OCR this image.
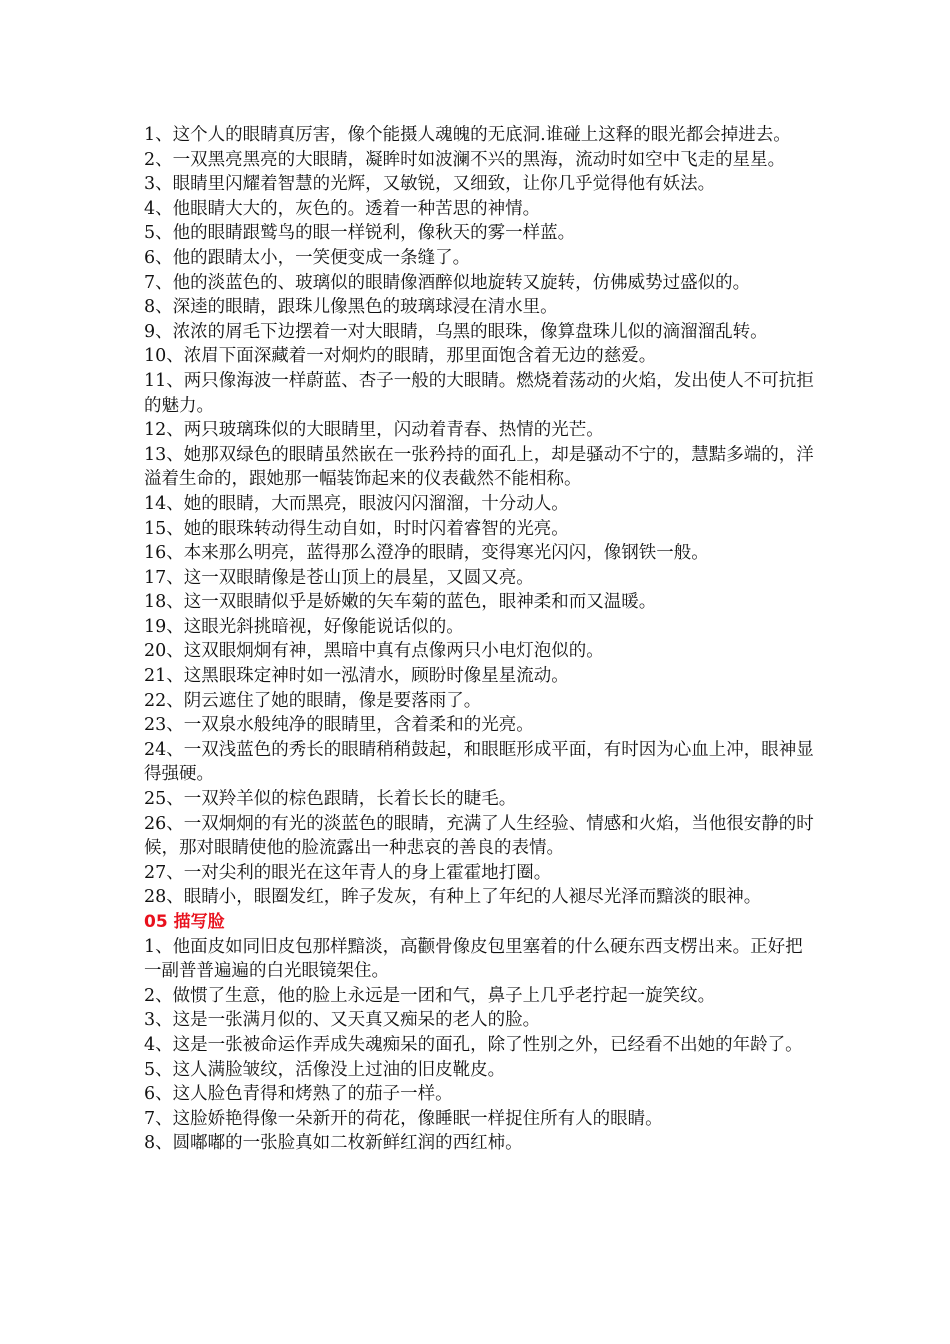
1、这个人的眼睛真厉害，像个能摄人魂魄的无底洞.谁碰上这释的眼光都会掉进去。

2、一双黑亮黑亮的大眼睛，凝眸时如波澜不兴的黑海，流动时如空中飞走的星星。

3、眼睛里闪耀着智慧的光辉，又敏锐，又细致，让你几乎觉得他有妖法。

4、他眼睛大大的，灰色的。透着一种苦思的神情。

5、他的眼睛跟鹫鸟的眼一样锐利，像秋天的雾一样蓝。

6、他的跟睛太小，一笑便变成一条缝了。

7、他的淡蓝色的、玻璃似的眼睛像酒醉似地旋转又旋转，仿佛威势过盛似的。

8、深逵的眼睛，跟珠儿像黑色的玻璃球浸在清水里。

9、浓浓的屑毛下边摆着一对大眼睛，乌黑的眼珠，像算盘珠儿似的滴溜溜乱转。

10、浓眉下面深藏着一对炯灼的眼睛，那里面饱含着无边的慈爱。

11、两只像海波一样蔚蓝、杏子一般的大眼睛。燃烧着荡动的火焰，发出使人不可抗拒的魅力。

12、两只玻璃珠似的大眼睛里，闪动着青春、热情的光芒。

13、她那双绿色的眼睛虽然嵌在一张矜持的面孔上，却是骚动不宁的，慧黠多端的，洋溢着生命的，跟她那一幅装饰起来的仪表截然不能相称。

14、她的眼睛，大而黑亮，眼波闪闪溜溜，十分动人。

15、她的眼珠转动得生动自如，时时闪着睿智的光亮。

16、本来那么明亮，蓝得那么澄净的眼睛，变得寒光闪闪，像钢铁一般。

17、这一双眼睛像是苍山顶上的晨星，又圆又亮。

18、这一双眼睛似乎是娇嫩的矢车菊的蓝色，眼神柔和而又温暖。

19、这眼光斜挑暗视，好像能说话似的。

20、这双眼炯炯有神，黑暗中真有点像两只小电灯泡似的。

21、这黑眼珠定神时如一泓清水，顾盼时像星星流动。

22、阴云遮住了她的眼睛，像是要落雨了。

23、一双泉水般纯净的眼睛里，含着柔和的光亮。

24、一双浅蓝色的秀长的眼睛稍稍鼓起，和眼眶形成平面，有时因为心血上冲，眼神显得强硬。

25、一双羚羊似的棕色跟睛，长着长长的睫毛。

26、一双炯炯的有光的淡蓝色的眼睛，充满了人生经验、情感和火焰，当他很安静的时候，那对眼睛使他的脸流露出一种悲哀的善良的表情。

27、一对尖利的眼光在这年青人的身上霍霍地打圈。

28、眼睛小，眼圈发红，眸子发灰，有种上了年纪的人褪尽光泽而黯淡的眼神。

05 描写脸

1、他面皮如同旧皮包那样黯淡，高颧骨像皮包里塞着的什么硬东西支楞出来。正好把一副普普遍遍的白光眼镜架住。

2、做惯了生意，他的脸上永远是一团和气，鼻子上几乎老拧起一旋笑纹。

3、这是一张满月似的、又天真又痴呆的老人的脸。

4、这是一张被命运作弄成失魂痴呆的面孔，除了性别之外，已经看不出她的年龄了。

5、这人满脸皱纹，活像没上过油的旧皮靴皮。

6、这人脸色青得和烤熟了的茄子一样。

7、这脸娇艳得像一朵新开的荷花，像睡眠一样捉住所有人的眼睛。

8、圆嘟嘟的一张脸真如二枚新鲜红润的西红柿。
